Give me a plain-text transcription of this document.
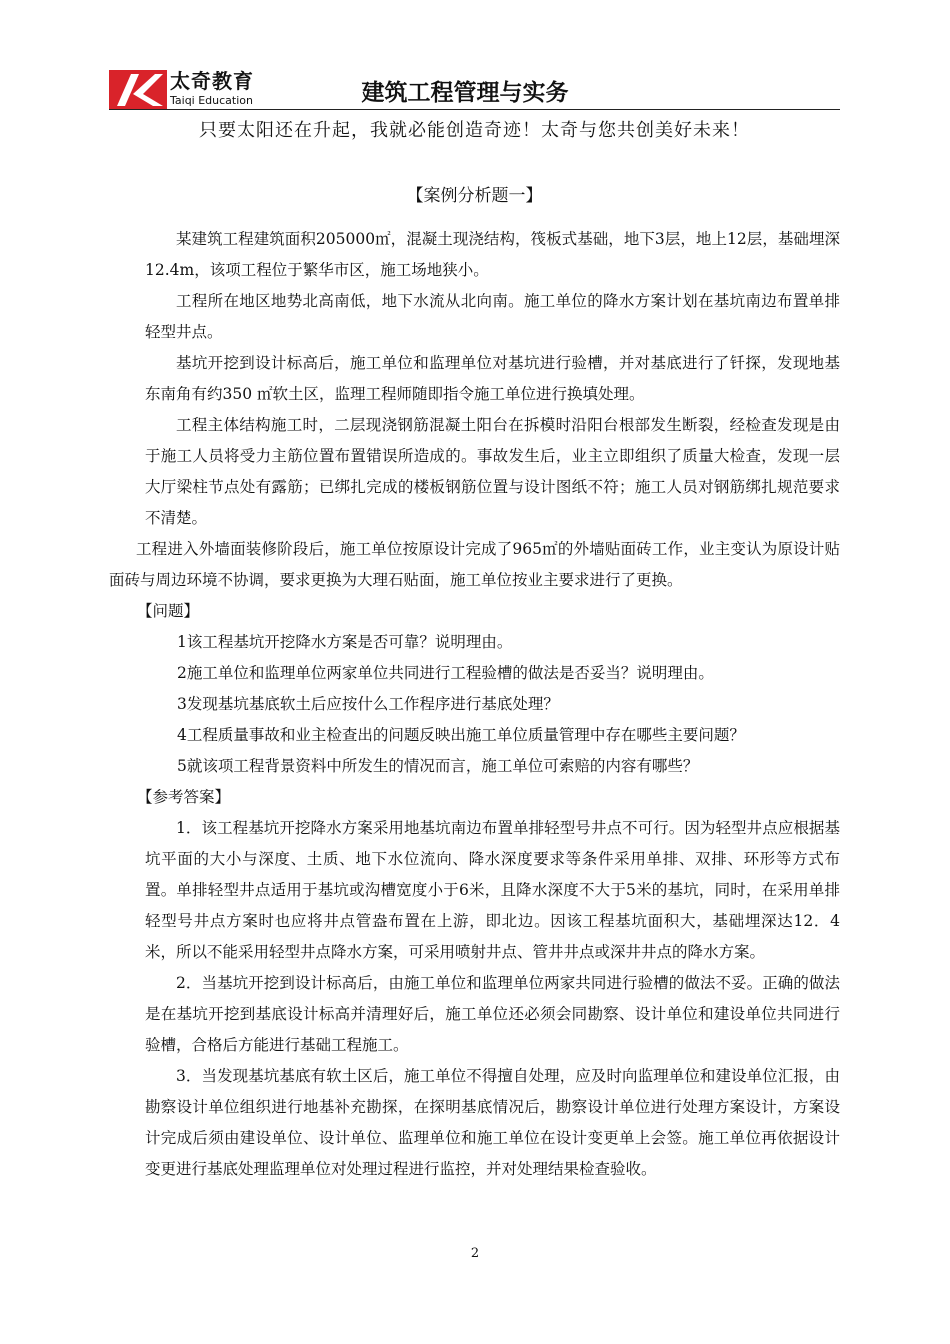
太奇教育
Taiqi Education	建筑工程管理与实务
只要太阳还在升起，我就必能创造奇迹！太奇与您共创美好未来！
【案例分析题一】

某建筑工程建筑面积205000㎡，混凝土现浇结构，筏板式基础，地下3层，地上12层，基础埋深12.4m，该项工程位于繁华市区，施工场地狭小。

工程所在地区地势北高南低，地下水流从北向南。施工单位的降水方案计划在基坑南边布置单排轻型井点。

基坑开挖到设计标高后，施工单位和监理单位对基坑进行验槽，并对基底进行了钎探，发现地基东南角有约350 ㎡软土区，监理工程师随即指令施工单位进行换填处理。

工程主体结构施工时，二层现浇钢筋混凝土阳台在拆模时沿阳台根部发生断裂，经检查发现是由于施工人员将受力主筋位置布置错误所造成的。事故发生后，业主立即组织了质量大检查，发现一层大厅梁柱节点处有露筋；已绑扎完成的楼板钢筋位置与设计图纸不符；施工人员对钢筋绑扎规范要求不清楚。

工程进入外墙面装修阶段后，施工单位按原设计完成了965㎡的外墙贴面砖工作，业主变认为原设计贴面砖与周边环境不协调，要求更换为大理石贴面，施工单位按业主要求进行了更换。

【问题】

1该工程基坑开挖降水方案是否可靠？说明理由。

2施工单位和监理单位两家单位共同进行工程验槽的做法是否妥当？说明理由。

3发现基坑基底软土后应按什么工作程序进行基底处理？

4工程质量事故和业主检查出的问题反映出施工单位质量管理中存在哪些主要问题？

5就该项工程背景资料中所发生的情况而言，施工单位可索赔的内容有哪些？

【参考答案】

1．该工程基坑开挖降水方案采用地基坑南边布置单排轻型号井点不可行。因为轻型井点应根据基坑平面的大小与深度、土质、地下水位流向、降水深度要求等条件采用单排、双排、环形等方式布置。单排轻型井点适用于基坑或沟槽宽度小于6米，且降水深度不大于5米的基坑，同时，在采用单排轻型号井点方案时也应将井点管盎布置在上游，即北边。因该工程基坑面积大，基础埋深达12．4米，所以不能采用轻型井点降水方案，可采用喷射井点、管井井点或深井井点的降水方案。

2．当基坑开挖到设计标高后，由施工单位和监理单位两家共同进行验槽的做法不妥。正确的做法是在基坑开挖到基底设计标高并清理好后，施工单位还必须会同勘察、设计单位和建设单位共同进行验槽，合格后方能进行基础工程施工。

3．当发现基坑基底有软土区后，施工单位不得擅自处理，应及时向监理单位和建设单位汇报，由勘察设计单位组织进行地基补充勘探，在探明基底情况后，勘察设计单位进行处理方案设计，方案设计完成后须由建设单位、设计单位、监理单位和施工单位在设计变更单上会签。施工单位再依据设计变更进行基底处理监理单位对处理过程进行监控，并对处理结果检查验收。

2
